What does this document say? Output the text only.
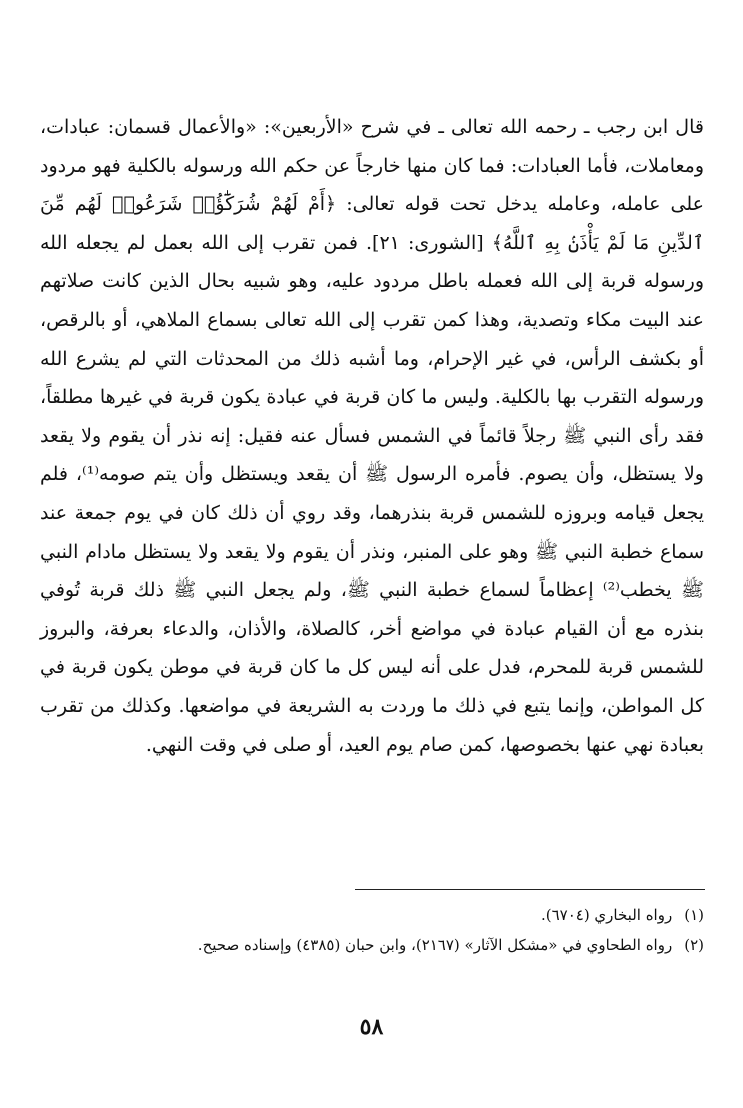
قال ابن رجب ـ رحمه الله تعالى ـ في شرح «الأربعين»: «والأعمال قسمان: عبادات، ومعاملات، فأما العبادات: فما كان منها خارجاً عن حكم الله ورسوله بالكلية فهو مردود على عامله، وعامله يدخل تحت قوله تعالى: ﴿أَمْ لَهُمْ شُرَكَٰٓؤُا۟ شَرَعُوا۟ لَهُم مِّنَ ٱلدِّينِ مَا لَمْ يَأْذَنۢ بِهِ ٱللَّهُ﴾ [الشورى: ٢١]. فمن تقرب إلى الله بعمل لم يجعله الله ورسوله قربة إلى الله فعمله باطل مردود عليه، وهو شبيه بحال الذين كانت صلاتهم عند البيت مكاء وتصدية، وهذا كمن تقرب إلى الله تعالى بسماع الملاهي، أو بالرقص، أو بكشف الرأس، في غير الإحرام، وما أشبه ذلك من المحدثات التي لم يشرع الله ورسوله التقرب بها بالكلية. وليس ما كان قربة في عبادة يكون قربة في غيرها مطلقاً، فقد رأى النبي ﷺ رجلاً قائماً في الشمس فسأل عنه فقيل: إنه نذر أن يقوم ولا يقعد ولا يستظل، وأن يصوم. فأمره الرسول ﷺ أن يقعد ويستظل وأن يتم صومه⁽¹⁾، فلم يجعل قيامه وبروزه للشمس قربة بنذرهما، وقد روي أن ذلك كان في يوم جمعة عند سماع خطبة النبي ﷺ وهو على المنبر، ونذر أن يقوم ولا يقعد ولا يستظل مادام النبي ﷺ يخطب⁽²⁾ إعظاماً لسماع خطبة النبي ﷺ، ولم يجعل النبي ﷺ ذلك قربة تُوفي بنذره مع أن القيام عبادة في مواضع أخر، كالصلاة، والأذان، والدعاء بعرفة، والبروز للشمس قربة للمحرم، فدل على أنه ليس كل ما كان قربة في موطن يكون قربة في كل المواطن، وإنما يتبع في ذلك ما وردت به الشريعة في مواضعها. وكذلك من تقرب بعبادة نهي عنها بخصوصها، كمن صام يوم العيد، أو صلى في وقت النهي.

(١)
رواه البخاري (٦٧٠٤).
(٢)
رواه الطحاوي في «مشكل الآثار» (٢١٦٧)، وابن حبان (٤٣٨٥) وإسناده صحيح.
٥٨
